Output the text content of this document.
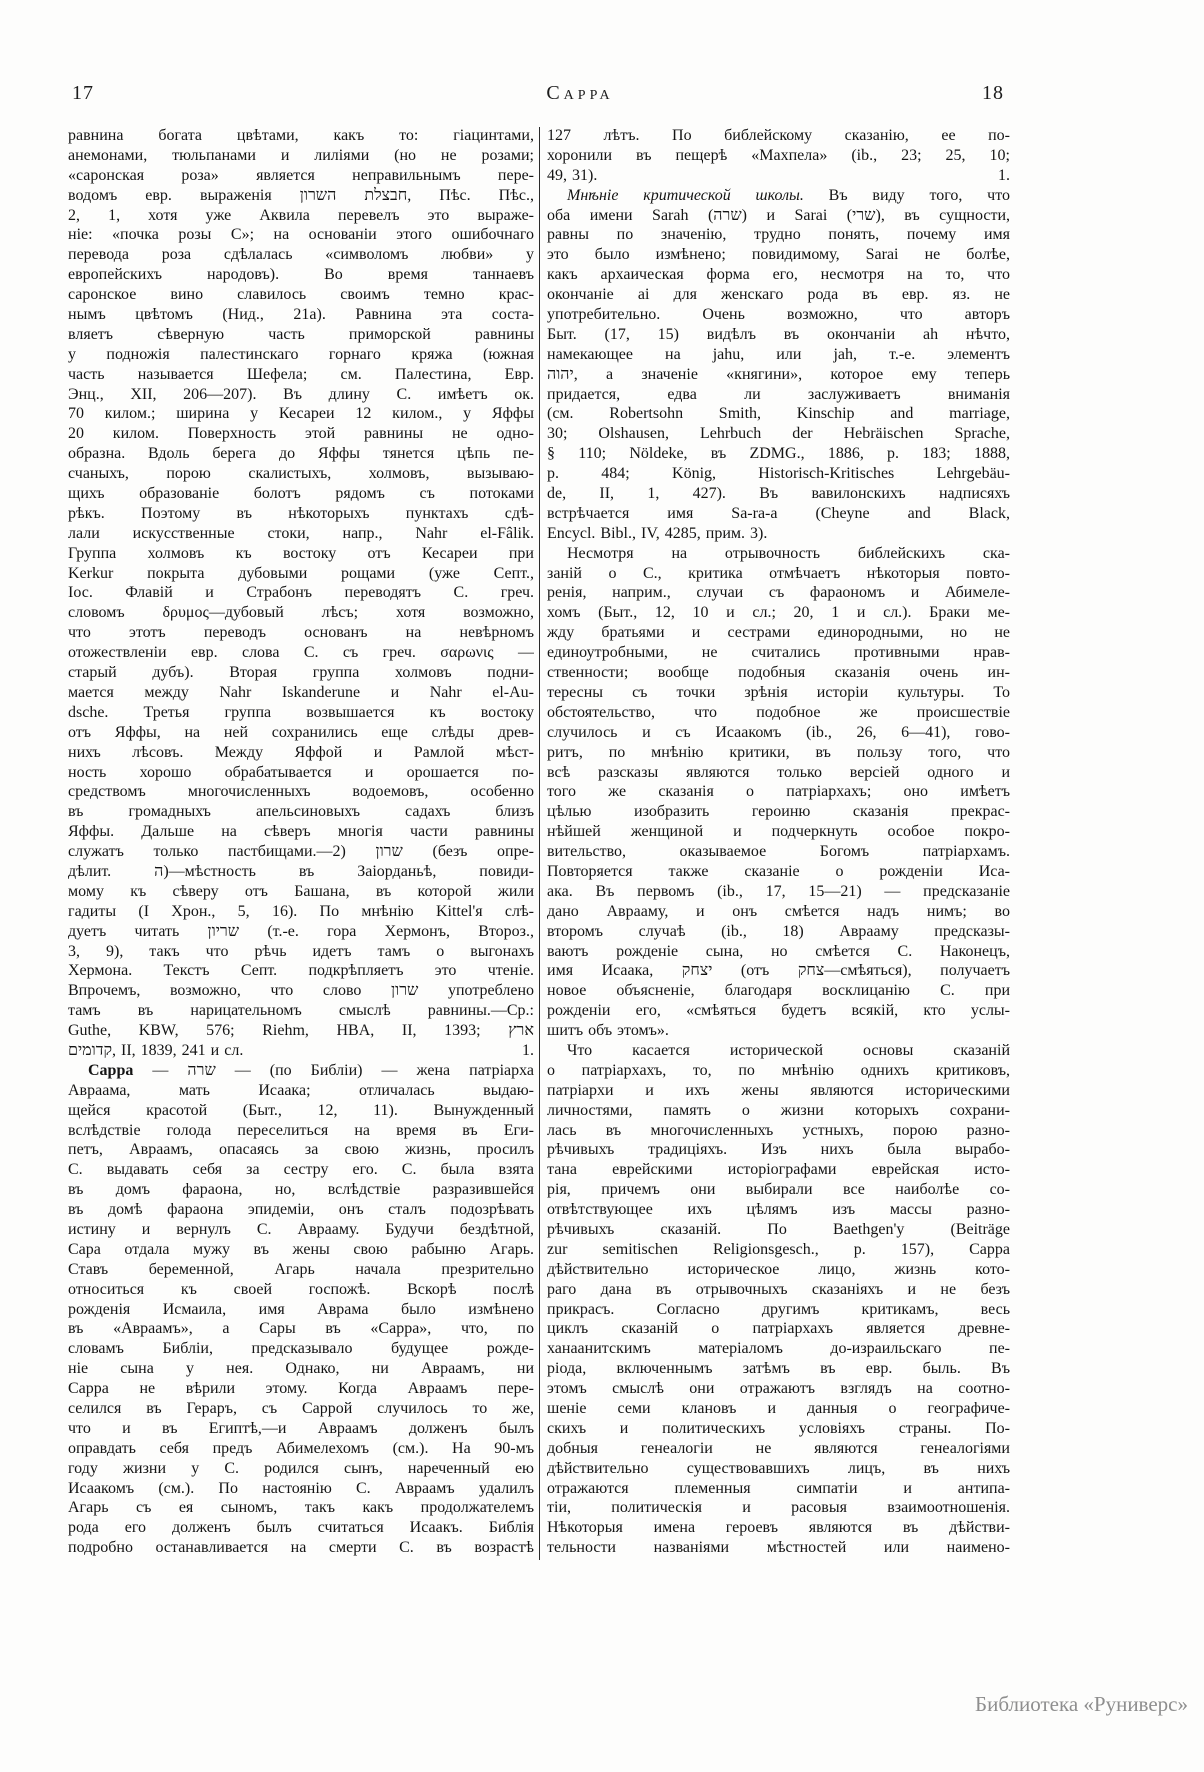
17	Сарра	18
равнина богата цвѣтами, какъ то: гіацинтами,
анемонами, тюльпанами и лиліями (но не розами;
«саронская роза» является неправильнымъ пере-
водомъ евр. выраженія חבצלת השרון, Пѣс. Пѣс.,
2, 1, хотя уже Аквила перевелъ это выраже-
ніе: «почка розы С»; на основаніи этого ошибочнаго
перевода роза сдѣлалась «символомъ любви» у
европейскихъ народовъ). Во время таннаевъ
саронское вино славилось своимъ темно крас-
нымъ цвѣтомъ (Нид., 21а). Равнина эта соста-
вляетъ сѣверную часть приморской равнины
у подножія палестинскаго горнаго кряжа (южная
часть называется Шефела; см. Палестина, Евр.
Энц., XII, 206—207). Въ длину С. имѣетъ ок.
70 килом.; ширина у Кесареи 12 килом., у Яффы
20 килом. Поверхность этой равнины не одно-
образна. Вдоль берега до Яффы тянется цѣпь пе-
счаныхъ, порою скалистыхъ, холмовъ, вызываю-
щихъ образованіе болотъ рядомъ съ потоками
рѣкъ. Поэтому въ нѣкоторыхъ пунктахъ сдѣ-
лали искусственные стоки, напр., Nahr el-Fâlik.
Группа холмовъ къ востоку отъ Кесареи при
Kerkur покрыта дубовыми рощами (уже Септ.,
Іос. Флавій и Страбонъ переводятъ С. греч.
словомъ δρυμος—дубовый лѣсъ; хотя возможно,
что этотъ переводъ основанъ на невѣрномъ
отожествленіи евр. слова С. съ греч. σαρωνις —
старый дубъ). Вторая группа холмовъ подни-
мается между Nahr Iskanderune и Nahr el-Au-
dsche. Третья группа возвышается къ востоку
отъ Яффы, на ней сохранились еще слѣды древ-
нихъ лѣсовъ. Между Яффой и Рамлой мѣст-
ность хорошо обрабатывается и орошается по-
средствомъ многочисленныхъ водоемовъ, особенно
въ громадныхъ апельсиновыхъ садахъ близъ
Яффы. Дальше на сѣверъ многія части равнины
служатъ только пастбищами.—2) שרון (безъ опре-
дѣлит. ה)—мѣстность въ Заіорданьѣ, повиди-
мому къ сѣверу отъ Башана, въ которой жили
гадиты (I Хрон., 5, 16). По мнѣнію Kittel'я слѣ-
дуетъ читать שריון (т.-е. гора Хермонъ, Второз.,
3, 9), такъ что рѣчь идетъ тамъ о выгонахъ
Хермона. Текстъ Септ. подкрѣпляетъ это чтеніе.
Впрочемъ, возможно, что слово שרון употреблено
тамъ въ нарицательномъ смыслѣ равнины.—Ср.:
Guthe, KBW, 576; Riehm, HBA, II, 1393; ארץ
1.
קדומים, II, 1839, 241 и сл.
Сарра — שרה — (по Библіи) — жена патріарха
Авраама, мать Исаака; отличалась выдаю-
щейся красотой (Быт., 12, 11). Вынужденный
вслѣдствіе голода переселиться на время въ Еги-
петъ, Авраамъ, опасаясь за свою жизнь, просилъ
С. выдавать себя за сестру его. С. была взята
въ домъ фараона, но, вслѣдствіе разразившейся
въ домѣ фараона эпидеміи, онъ сталъ подозрѣвать
истину и вернулъ С. Аврааму. Будучи бездѣтной,
Сара отдала мужу въ жены свою рабыню Агарь.
Ставъ беременной, Агарь начала презрительно
относиться къ своей госпожѣ. Вскорѣ послѣ
рожденія Исмаила, имя Аврама было измѣнено
въ «Авраамъ», а Сары въ «Сарра», что, по
словамъ Библіи, предсказывало будущее рожде-
ніе сына у нея. Однако, ни Авраамъ, ни
Сарра не вѣрили этому. Когда Авраамъ пере-
селился въ Гераръ, съ Саррой случилось то же,
что и въ Египтѣ,—и Авраамъ долженъ былъ
оправдать себя предъ Абимелехомъ (см.). На 90-мъ
году жизни у С. родился сынъ, нареченный ею
Исаакомъ (см.). По настоянію С. Авраамъ удалилъ
Агарь съ ея сыномъ, такъ какъ продолжателемъ
рода его долженъ былъ считаться Исаакъ. Библія
подробно останавливается на смерти С. въ возрастѣ
127 лѣтъ. По библейскому сказанію, ее по-
хоронили въ пещерѣ «Махпела» (ib., 23; 25, 10;
1.
49, 31).
Мнѣніе критической школы. Въ виду того, что
оба имени Sarah (שרה) и Sarai (שרי), въ сущности,
равны по значенію, трудно понять, почему имя
это было измѣнено; повидимому, Sarai не болѣе,
какъ архаическая форма его, несмотря на то, что
окончаніе ai для женскаго рода въ евр. яз. не
употребительно. Очень возможно, что авторъ
Быт. (17, 15) видѣлъ въ окончаніи ah нѣчто,
намекающее на jahu, или jah, т.-е. элементъ
יהוה, а значеніе «княгини», которое ему теперь
придается, едва ли заслуживаетъ вниманія
(см. Robertsohn Smith, Kinschip and marriage,
30; Olshausen, Lehrbuch der Hebräischen Sprache,
§ 110; Nöldeke, въ ZDMG., 1886, p. 183; 1888,
p. 484; König, Historisch-Kritisches Lehrgebäu-
de, II, 1, 427). Въ вавилонскихъ надписяхъ
встрѣчается имя Sa-ra-a (Cheyne and Black,
Encycl. Bibl., IV, 4285, прим. 3).
Несмотря на отрывочность библейскихъ ска-
заній о С., критика отмѣчаетъ нѣкоторыя повто-
ренія, наприм., случаи съ фараономъ и Абимеле-
хомъ (Быт., 12, 10 и сл.; 20, 1 и сл.). Браки ме-
жду братьями и сестрами единородными, но не
единоутробными, не считались противными нрав-
ственности; вообще подобныя сказанія очень ин-
тересны съ точки зрѣнія исторіи культуры. То
обстоятельство, что подобное же происшествіе
случилось и съ Исаакомъ (ib., 26, 6—41), гово-
ритъ, по мнѣнію критики, въ пользу того, что
всѣ разсказы являются только версіей одного и
того же сказанія о патріархахъ; оно имѣетъ
цѣлью изобразить героиню сказанія прекрас-
нѣйшей женщиной и подчеркнуть особое покро-
вительство, оказываемое Богомъ патріархамъ.
Повторяется также сказаніе о рожденіи Иса-
ака. Въ первомъ (ib., 17, 15—21) — предсказаніе
дано Аврааму, и онъ смѣется надъ нимъ; во
второмъ случаѣ (ib., 18) Аврааму предсказы-
ваютъ рожденіе сына, но смѣется С. Наконецъ,
имя Исаака, יצחק (отъ צחק—смѣяться), получаетъ
новое объясненіе, благодаря восклицанію С. при
рожденіи его, «смѣяться будетъ всякій, кто услы-
шитъ объ этомъ».
Что касается исторической основы сказаній
о патріархахъ, то, по мнѣнію однихъ критиковъ,
патріархи и ихъ жены являются историческими
личностями, память о жизни которыхъ сохрани-
лась въ многочисленныхъ устныхъ, порою разно-
рѣчивыхъ традиціяхъ. Изъ нихъ была вырабо-
тана еврейскими исторіографами еврейская исто-
рія, причемъ они выбирали все наиболѣе со-
отвѣтствующее ихъ цѣлямъ изъ массы разно-
рѣчивыхъ сказаній. По Baethgen'y (Beiträge
zur semitischen Religionsgesch., p. 157), Сарра
дѣйствительно историческое лицо, жизнь кото-
раго дана въ отрывочныхъ сказаніяхъ и не безъ
прикрасъ. Согласно другимъ критикамъ, весь
циклъ сказаній о патріархахъ является древне-
ханаанитскимъ матеріаломъ до-израильскаго пе-
ріода, включеннымъ затѣмъ въ евр. быль. Въ
этомъ смыслѣ они отражаютъ взглядъ на соотно-
шеніе семи клановъ и данныя о географиче-
скихъ и политическихъ условіяхъ страны. По-
добныя генеалогіи не являются генеалогіями
дѣйствительно существовавшихъ лицъ, въ нихъ
отражаются племенныя симпатіи и антипа-
тіи, политическія и расовыя взаимоотношенія.
Нѣкоторыя имена героевъ являются въ дѣйстви-
тельности названіями мѣстностей или наимено-
Библиотека «Руниверс»
